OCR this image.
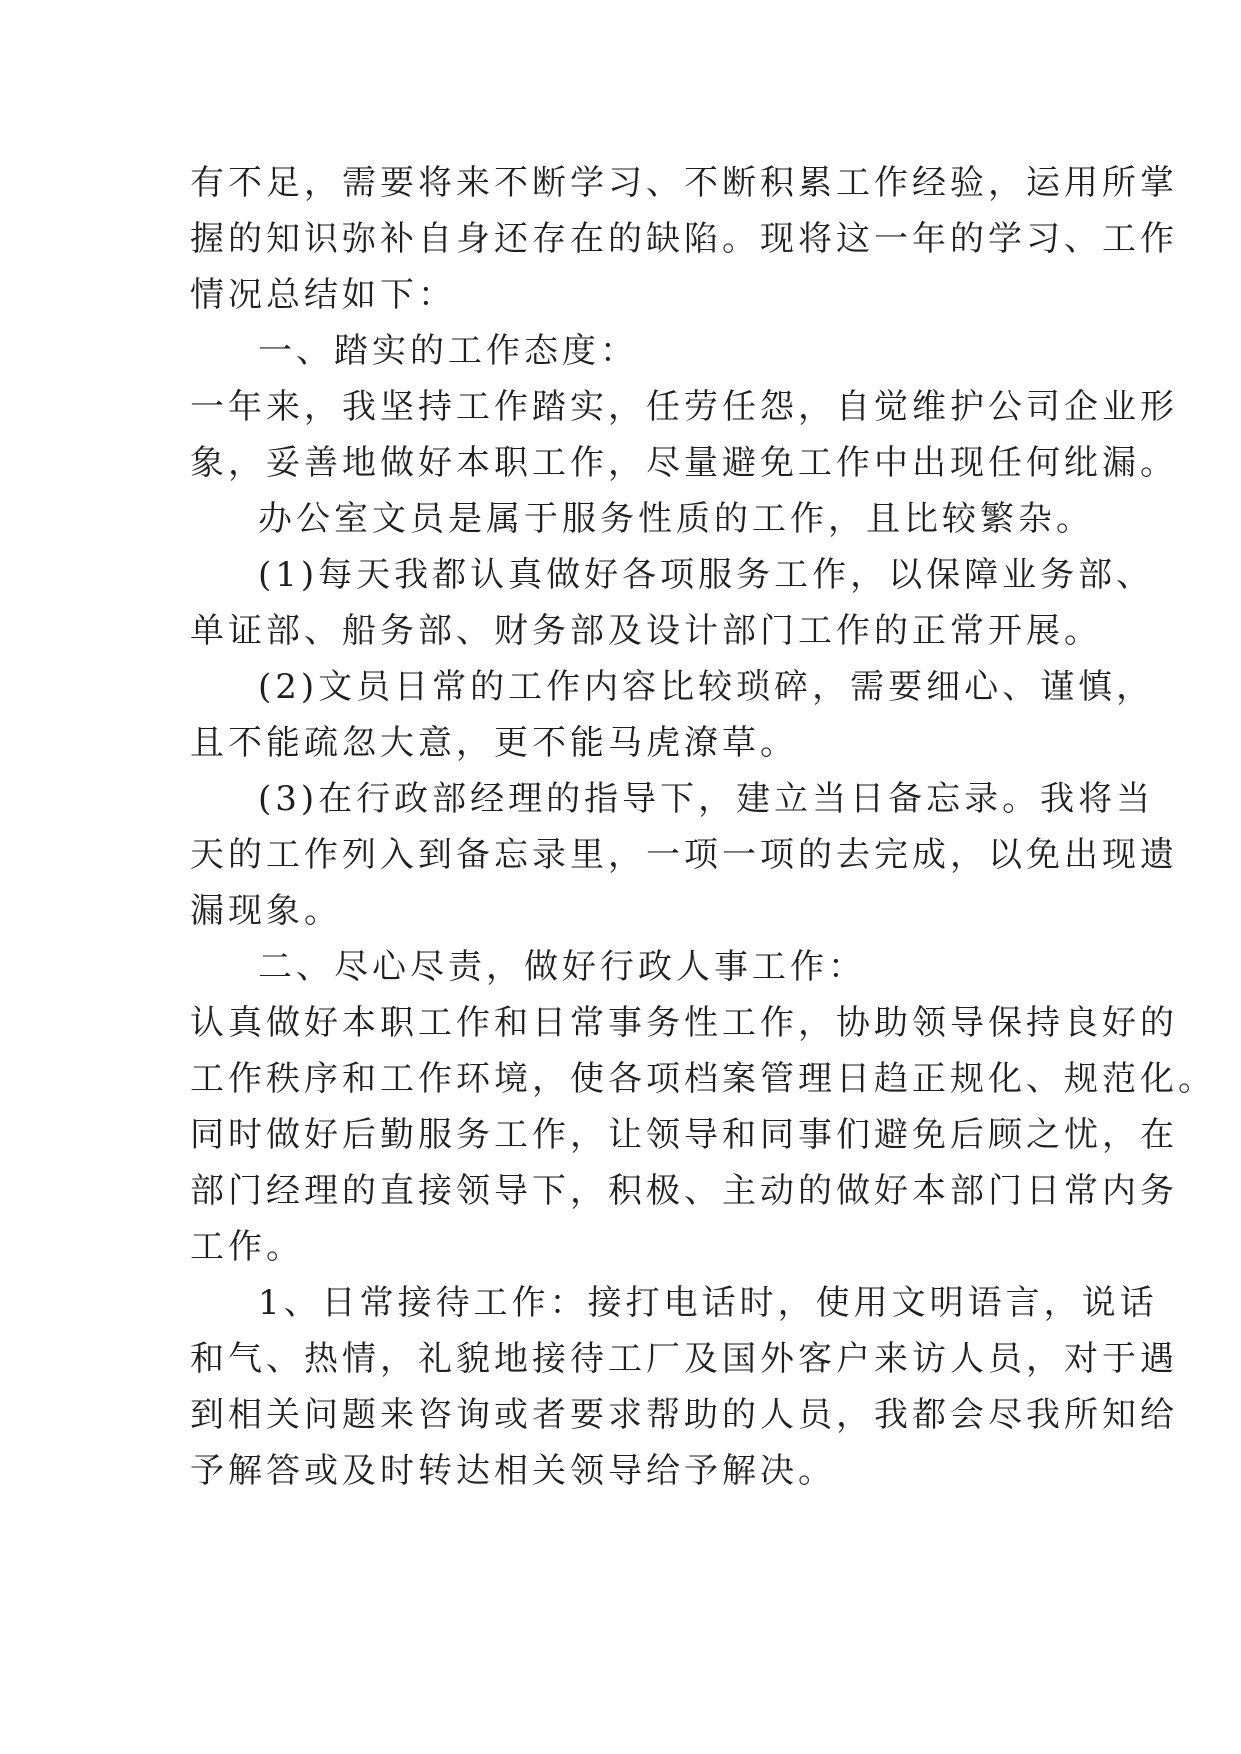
有不足，需要将来不断学习、不断积累工作经验，运用所掌
握的知识弥补自身还存在的缺陷。现将这一年的学习、工作
情况总结如下：
一、踏实的工作态度：
一年来，我坚持工作踏实，任劳任怨，自觉维护公司企业形
象，妥善地做好本职工作，尽量避免工作中出现任何纰漏。
办公室文员是属于服务性质的工作，且比较繁杂。
(1)每天我都认真做好各项服务工作，以保障业务部、
单证部、船务部、财务部及设计部门工作的正常开展。
(2)文员日常的工作内容比较琐碎，需要细心、谨慎，
且不能疏忽大意，更不能马虎潦草。
(3)在行政部经理的指导下，建立当日备忘录。我将当
天的工作列入到备忘录里，一项一项的去完成，以免出现遗
漏现象。
二、尽心尽责，做好行政人事工作：
认真做好本职工作和日常事务性工作，协助领导保持良好的
工作秩序和工作环境，使各项档案管理日趋正规化、规范化。
同时做好后勤服务工作，让领导和同事们避免后顾之忧，在
部门经理的直接领导下，积极、主动的做好本部门日常内务
工作。
1、日常接待工作：接打电话时，使用文明语言，说话
和气、热情，礼貌地接待工厂及国外客户来访人员，对于遇
到相关问题来咨询或者要求帮助的人员，我都会尽我所知给
予解答或及时转达相关领导给予解决。
